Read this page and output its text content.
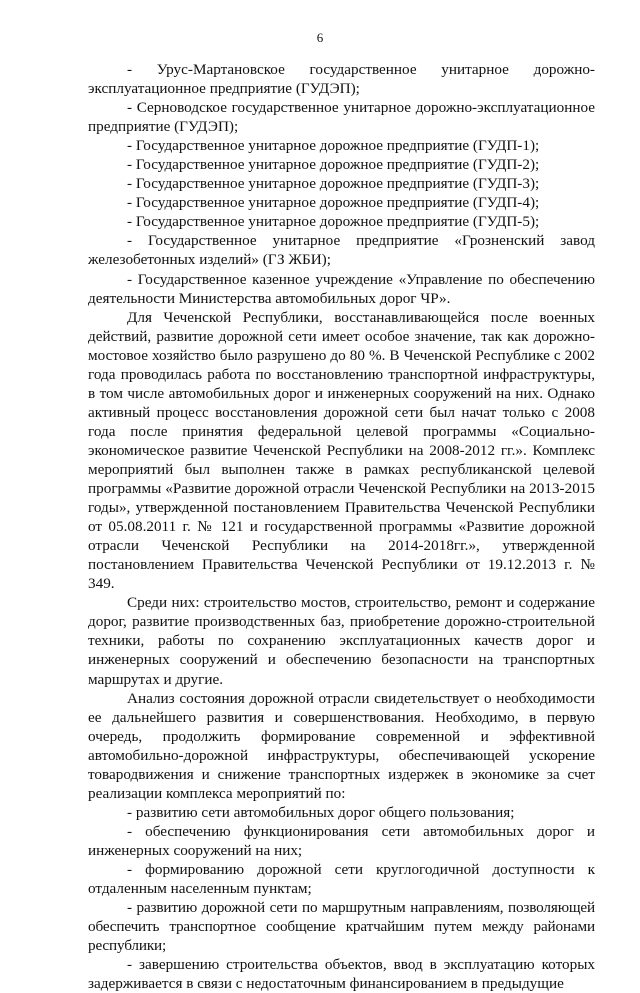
6

- Урус-Мартановское государственное унитарное дорожно-эксплуатационное предприятие (ГУДЭП);

- Серноводское государственное унитарное дорожно-эксплуатационное предприятие (ГУДЭП);

- Государственное унитарное дорожное предприятие (ГУДП-1);

- Государственное унитарное дорожное предприятие (ГУДП-2);

- Государственное унитарное дорожное предприятие (ГУДП-3);

- Государственное унитарное дорожное предприятие (ГУДП-4);

- Государственное унитарное дорожное предприятие (ГУДП-5);

- Государственное унитарное предприятие «Грозненский завод железобетонных изделий» (ГЗ ЖБИ);

- Государственное казенное учреждение «Управление по обеспечению деятельности Министерства автомобильных дорог ЧР».

Для Чеченской Республики, восстанавливающейся после военных действий, развитие дорожной сети имеет особое значение, так как дорожно-мостовое хозяйство было разрушено до 80 %. В Чеченской Республике с 2002 года проводилась работа по восстановлению транспортной инфраструктуры, в том числе автомобильных дорог и инженерных сооружений на них. Однако активный процесс восстановления дорожной сети был начат только с 2008 года после принятия федеральной целевой программы «Социально-экономическое развитие Чеченской Республики на 2008-2012 гг.». Комплекс мероприятий был выполнен также в рамках республиканской целевой программы «Развитие дорожной отрасли Чеченской Республики на 2013-2015 годы», утвержденной постановлением Правительства Чеченской Республики от 05.08.2011 г. № 121 и государственной программы «Развитие дорожной отрасли Чеченской Республики на 2014-2018гг.», утвержденной постановлением Правительства Чеченской Республики от 19.12.2013 г. № 349.

Среди них: строительство мостов, строительство, ремонт и содержание дорог, развитие производственных баз, приобретение дорожно-строительной техники, работы по сохранению эксплуатационных качеств дорог и инженерных сооружений и обеспечению безопасности на транспортных маршрутах и другие.

Анализ состояния дорожной отрасли свидетельствует о необходимости ее дальнейшего развития и совершенствования. Необходимо, в первую очередь, продолжить формирование современной и эффективной автомобильно-дорожной инфраструктуры, обеспечивающей ускорение товародвижения и снижение транспортных издержек в экономике за счет реализации комплекса мероприятий по:

- развитию сети автомобильных дорог общего пользования;

- обеспечению функционирования сети автомобильных дорог и инженерных сооружений на них;

- формированию дорожной сети круглогодичной доступности к отдаленным населенным пунктам;

- развитию дорожной сети по маршрутным направлениям, позволяющей обеспечить транспортное сообщение кратчайшим путем между районами республики;

- завершению строительства объектов, ввод в эксплуатацию которых задерживается в связи с недостаточным финансированием в предыдущие
